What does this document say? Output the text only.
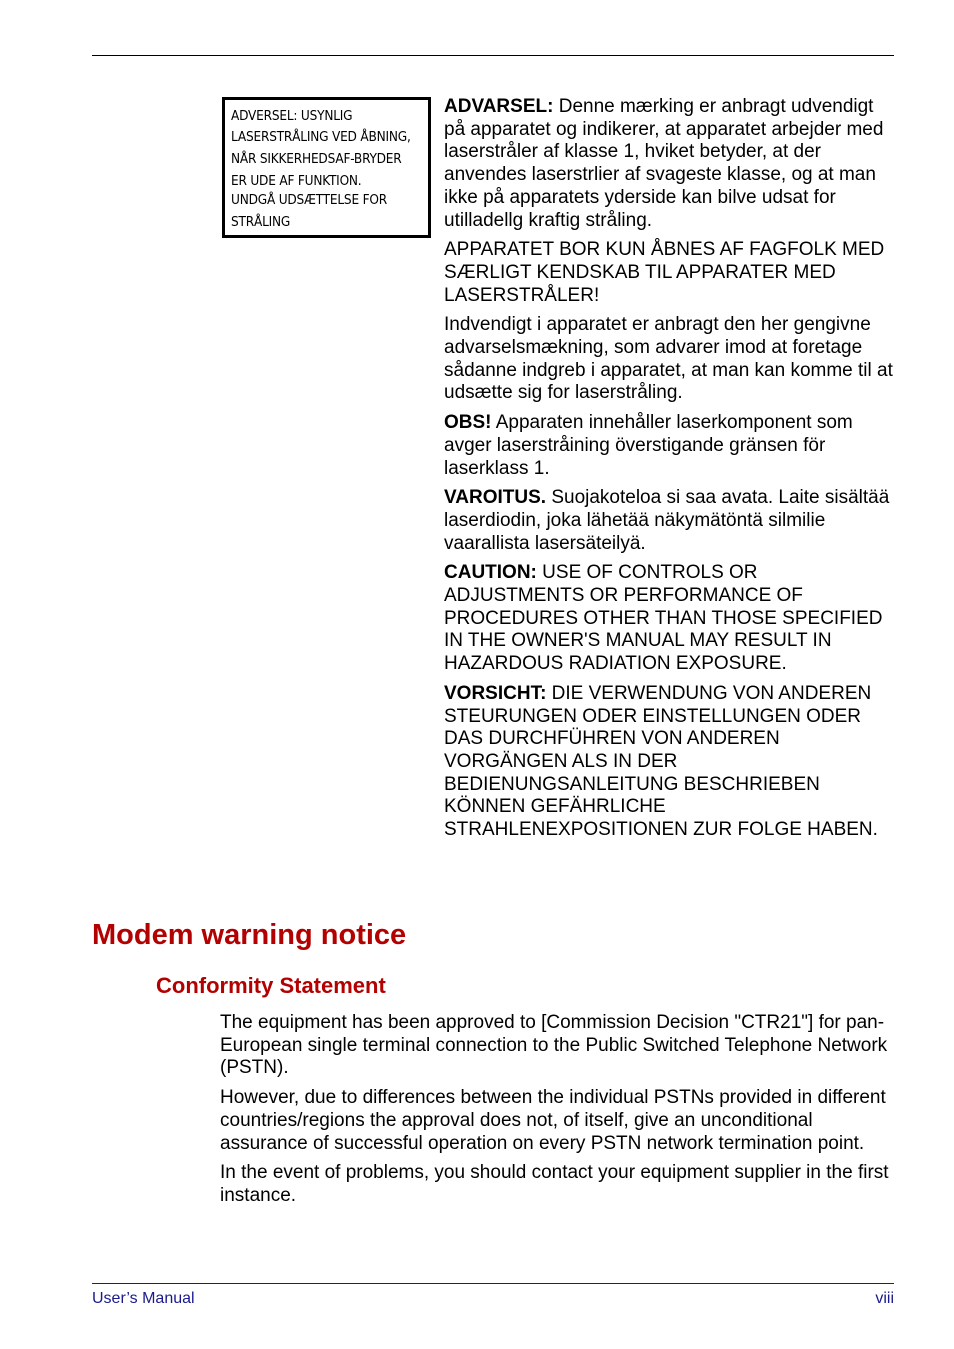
ADVERSEL: USYNLIG
LASERSTRÅLING VED ÅBNING,
NÅR SIKKERHEDSAF-BRYDER
ER UDE AF FUNKTION.
UNDGÅ UDSÆTTELSE FOR
STRÅLING

ADVARSEL: Denne mærking er anbragt udvendigt på apparatet og indikerer, at apparatet arbejder med laserstråler af klasse 1, hviket betyder, at der anvendes laserstrlier af svageste klasse, og at man ikke på apparatets yderside kan bilve udsat for utilladellg kraftig stråling.

APPARATET BOR KUN ÅBNES AF FAGFOLK MED SÆRLIGT KENDSKAB TIL APPARATER MED LASERSTRÅLER!

Indvendigt i apparatet er anbragt den her gengivne advarselsmækning, som advarer imod at foretage sådanne indgreb i apparatet, at man kan komme til at udsætte sig for laserstråling.

OBS! Apparaten innehåller laserkomponent som avger laserstråining överstigande gränsen för laserklass 1.

VAROITUS. Suojakoteloa si saa avata. Laite sisältää laserdiodin, joka lähetää näkymätöntä silmilie vaarallista lasersäteilyä.

CAUTION: USE OF CONTROLS OR ADJUSTMENTS OR PERFORMANCE OF PROCEDURES OTHER THAN THOSE SPECIFIED IN THE OWNER'S MANUAL MAY RESULT IN HAZARDOUS RADIATION EXPOSURE.

VORSICHT: DIE VERWENDUNG VON ANDEREN STEURUNGEN ODER EINSTELLUNGEN ODER DAS DURCHFÜHREN VON ANDEREN VORGÄNGEN ALS IN DER BEDIENUNGSANLEITUNG BESCHRIEBEN KÖNNEN GEFÄHRLICHE STRAHLENEXPOSITIONEN ZUR FOLGE HABEN.

Modem warning notice
Conformity Statement

The equipment has been approved to [Commission Decision "CTR21"] for pan-European single terminal connection to the Public Switched Telephone Network (PSTN).

However, due to differences between the individual PSTNs provided in different countries/regions the approval does not, of itself, give an unconditional assurance of successful operation on every PSTN network termination point.

In the event of problems, you should contact your equipment supplier in the first instance.

User’s Manual	viii
